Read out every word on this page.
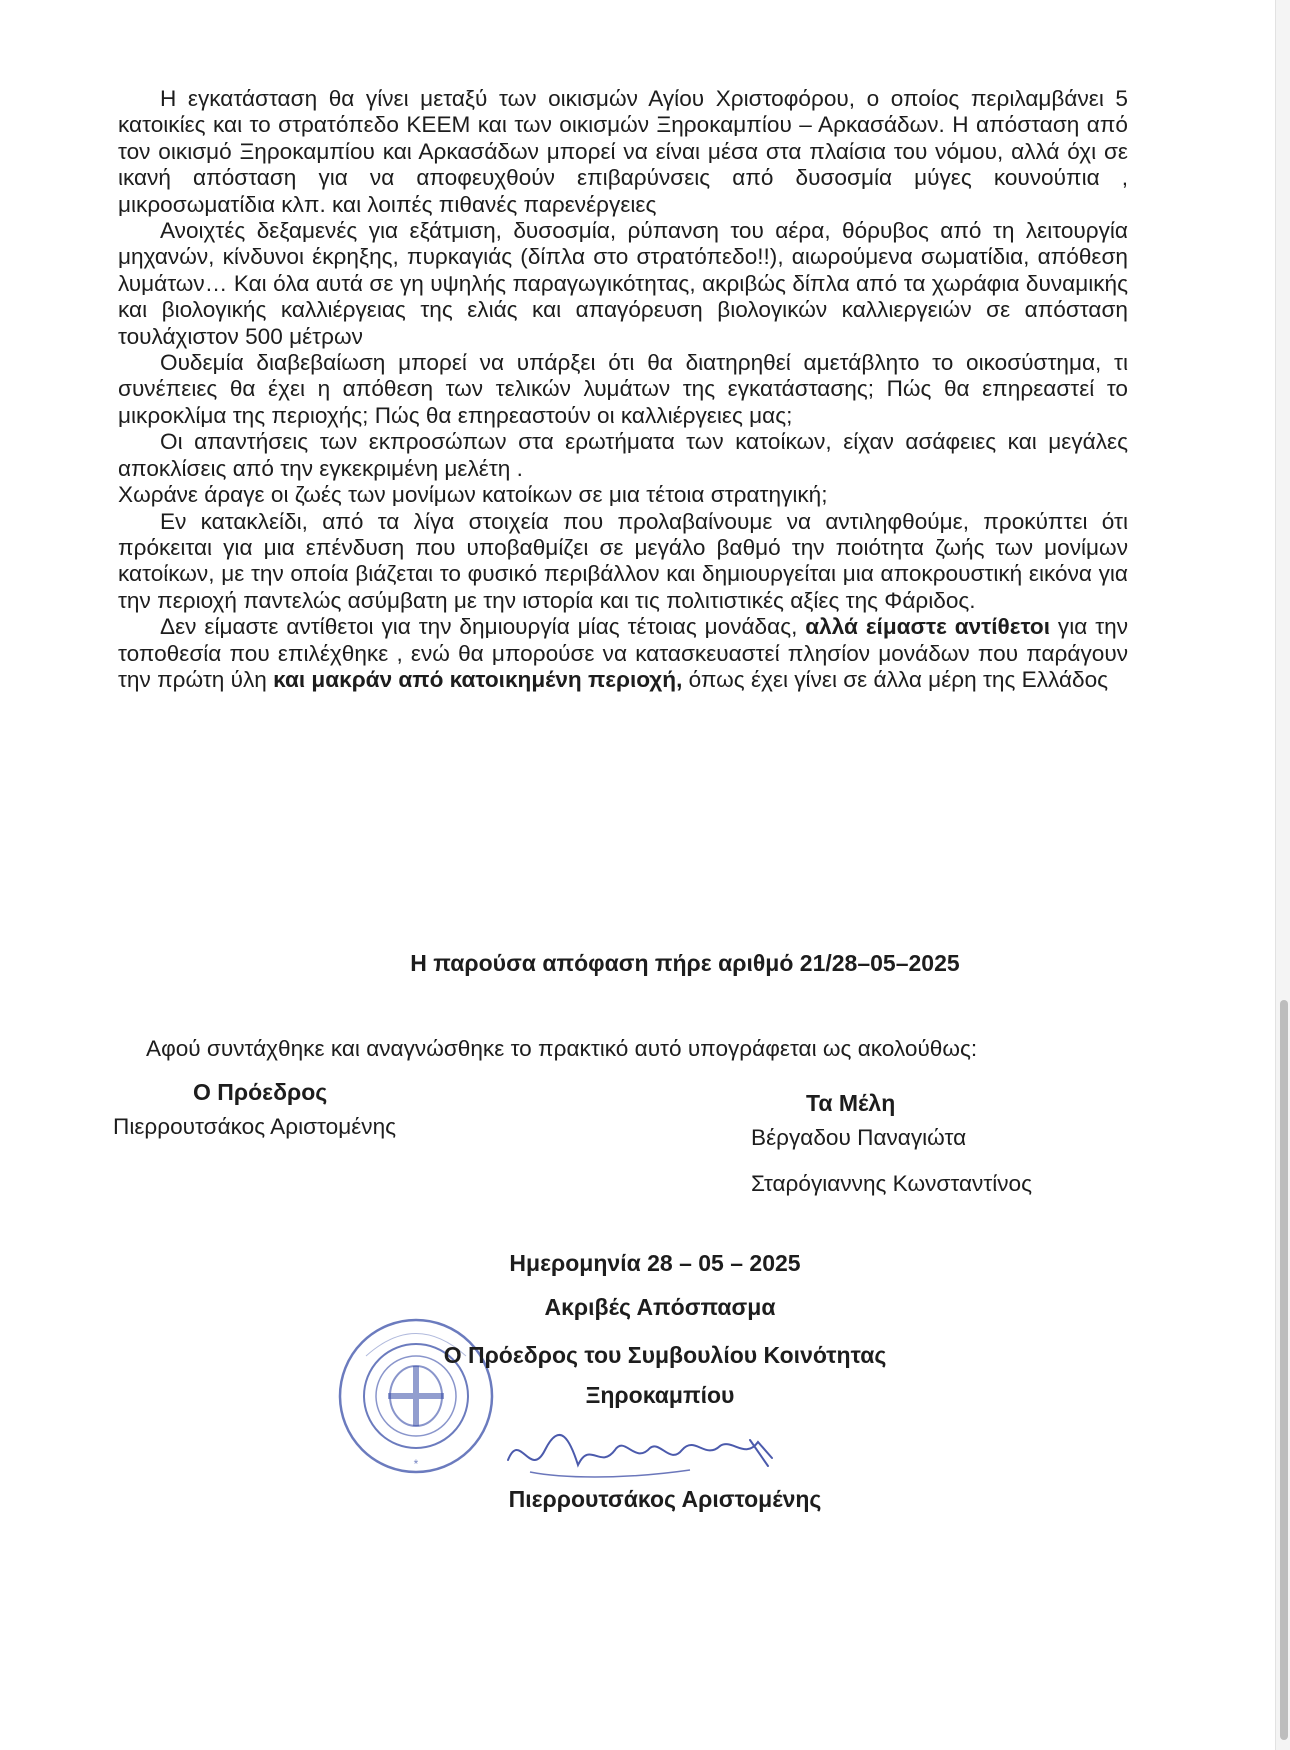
Η εγκατάσταση θα γίνει μεταξύ των οικισμών Αγίου Χριστοφόρου, ο οποίος περιλαμβάνει 5 κατοικίες και το στρατόπεδο ΚΕΕΜ και των οικισμών Ξηροκαμπίου – Αρκασάδων. Η απόσταση από τον οικισμό Ξηροκαμπίου και Αρκασάδων μπορεί να είναι μέσα στα πλαίσια του νόμου, αλλά όχι σε ικανή απόσταση για να αποφευχθούν επιβαρύνσεις από δυσοσμία μύγες κουνούπια , μικροσωματίδια κλπ. και λοιπές πιθανές παρενέργειες

Ανοιχτές δεξαμενές για εξάτμιση, δυσοσμία, ρύπανση του αέρα, θόρυβος από τη λειτουργία μηχανών, κίνδυνοι έκρηξης, πυρκαγιάς (δίπλα στο στρατόπεδο!!), αιωρούμενα σωματίδια, απόθεση λυμάτων… Και όλα αυτά σε γη υψηλής παραγωγικότητας, ακριβώς δίπλα από τα χωράφια δυναμικής και βιολογικής καλλιέργειας της ελιάς και απαγόρευση βιολογικών καλλιεργειών σε απόσταση τουλάχιστον 500 μέτρων

Ουδεμία διαβεβαίωση μπορεί να υπάρξει ότι θα διατηρηθεί αμετάβλητο το οικοσύστημα, τι συνέπειες θα έχει η απόθεση των τελικών λυμάτων της εγκατάστασης; Πώς θα επηρεαστεί το μικροκλίμα της περιοχής; Πώς θα επηρεαστούν οι καλλιέργειες μας;

Οι απαντήσεις των εκπροσώπων στα ερωτήματα των κατοίκων, είχαν ασάφειες και μεγάλες αποκλίσεις από την εγκεκριμένη μελέτη .

Χωράνε άραγε οι ζωές των μονίμων κατοίκων σε μια τέτοια στρατηγική;

Εν κατακλείδι, από τα λίγα στοιχεία που προλαβαίνουμε να αντιληφθούμε, προκύπτει ότι πρόκειται για μια επένδυση που υποβαθμίζει σε μεγάλο βαθμό την ποιότητα ζωής των μονίμων κατοίκων, με την οποία βιάζεται το φυσικό περιβάλλον και δημιουργείται μια αποκρουστική εικόνα για την περιοχή παντελώς ασύμβατη με την ιστορία και τις πολιτιστικές αξίες της Φάριδος.

Δεν είμαστε αντίθετοι για την δημιουργία μίας τέτοιας μονάδας, αλλά είμαστε αντίθετοι για την τοποθεσία που επιλέχθηκε , ενώ θα μπορούσε να κατασκευαστεί πλησίον μονάδων που παράγουν την πρώτη ύλη και μακράν από κατοικημένη περιοχή, όπως έχει γίνει σε άλλα μέρη της Ελλάδος

Η παρούσα απόφαση πήρε αριθμό 21/28–05–2025
Αφού συντάχθηκε και αναγνώσθηκε το πρακτικό αυτό υπογράφεται ως ακολούθως:
Ο Πρόεδρος
Πιερρουτσάκος Αριστομένης
Τα Μέλη
Βέργαδου Παναγιώτα
Σταρόγιαννης Κωνσταντίνος
*
Ημερομηνία 28 – 05 – 2025
Ακριβές Απόσπασμα
Ο Πρόεδρος του Συμβουλίου Κοινότητας
Ξηροκαμπίου
Πιερρουτσάκος Αριστομένης
